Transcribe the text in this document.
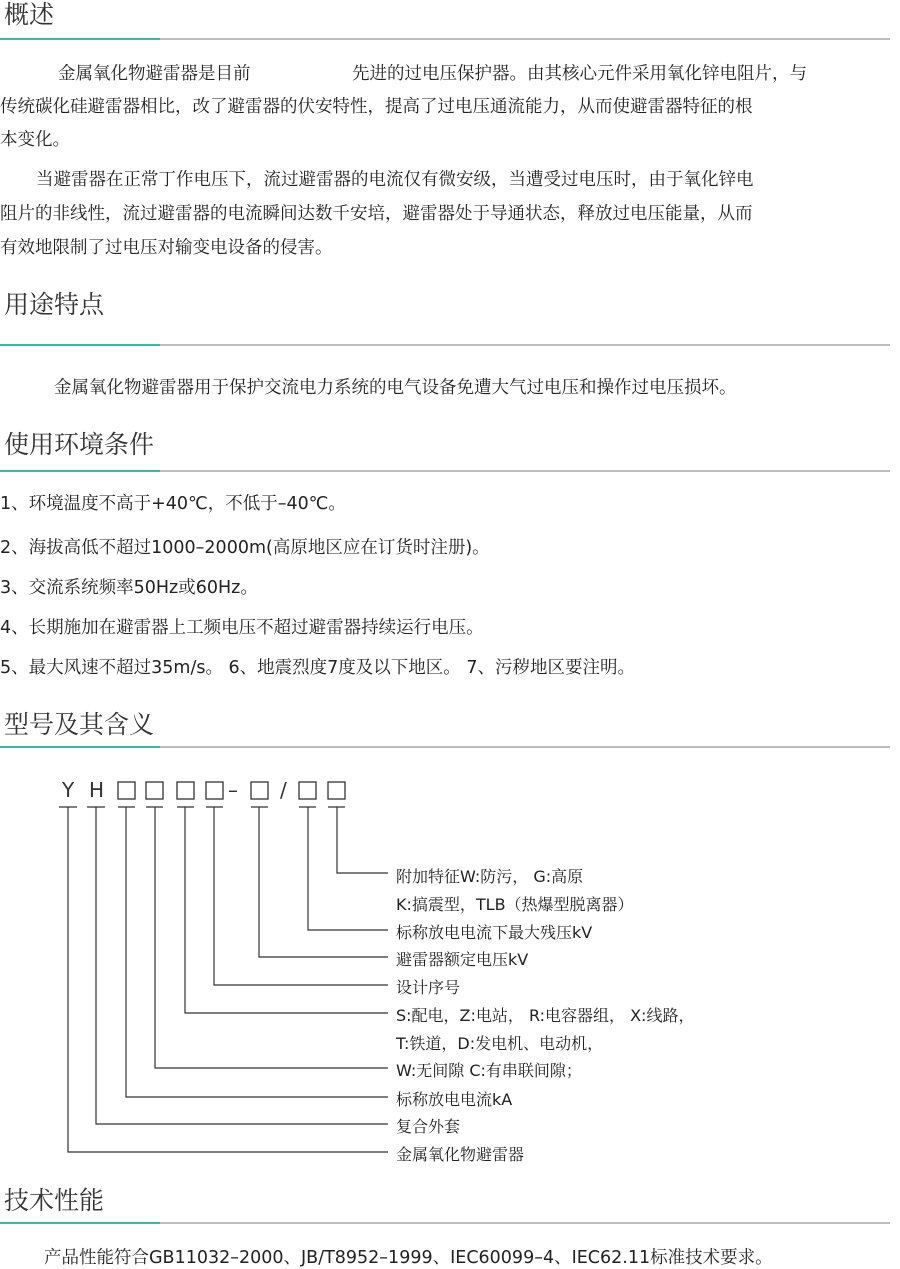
概述
金属氧化物避雷器是目前	先进的过电压保护器。由其核心元件采用氧化锌电阻片，与
传统碳化硅避雷器相比，改了避雷器的伏安特性，提高了过电压通流能力，从而使避雷器特征的根
本变化。
当避雷器在正常丁作电压下，流过避雷器的电流仅有微安级，当遭受过电压时，由于氧化锌电
阻片的非线性，流过避雷器的电流瞬间达数千安培，避雷器处于导通状态，释放过电压能量，从而
有效地限制了过电压对输变电设备的侵害。
用途特点
金属氧化物避雷器用于保护交流电力系统的电气设备免遭大气过电压和操作过电压损坏。
使用环境条件
1、环境温度不高于+40℃，不低于–40℃。
2、海拔高低不超过1000–2000m(高原地区应在订货时注册)。
3、交流系统频率50Hz或60Hz。
4、长期施加在避雷器上工频电压不超过避雷器持续运行电压。
5、最大风速不超过35m/s。 6、地震烈度7度及以下地区。 7、污秽地区要注明。
型号及其含义
Y H	– /
附加特征W:防污， G:高原
K:搞震型，TLB（热爆型脱离器）
标称放电电流下最大残压kV
避雷器额定电压kV
设计序号
S:配电，Z:电站， R:电容器组， X:线路，
T:铁道，D:发电机、电动机，
W:无间隙 C:有串联间隙；
标称放电电流kA
复合外套
金属氧化物避雷器
技术性能
产品性能符合GB11032–2000、JB/T8952–1999、IEC60099–4、IEC62.11标准技术要求。
